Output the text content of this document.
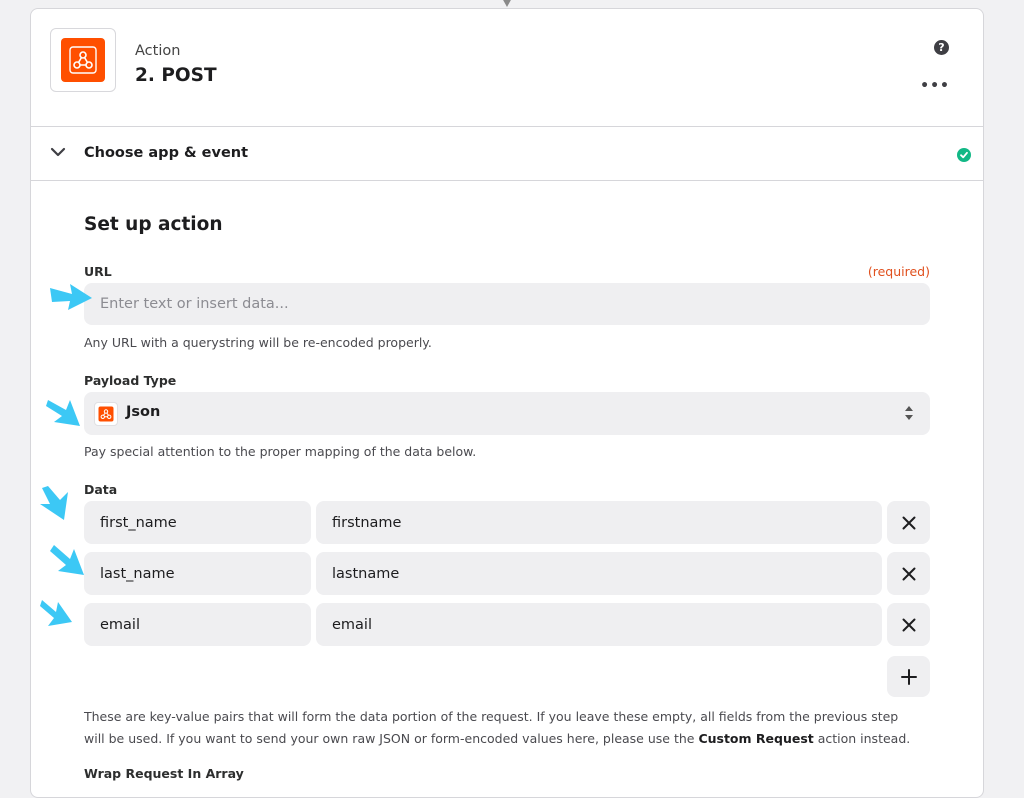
Action
2. POST
?
•••
Choose app & event
Set up action
URL	(required)
Enter text or insert data...
Any URL with a querystring will be re-encoded properly.
Payload Type
Json
Pay special attention to the proper mapping of the data below.
Data
first_name	firstname
last_name	lastname
email	email
These are key-value pairs that will form the data portion of the request. If you leave these empty, all fields from the previous step will be used. If you want to send your own raw JSON or form-encoded values here, please use the Custom Request action instead.
Wrap Request In Array
